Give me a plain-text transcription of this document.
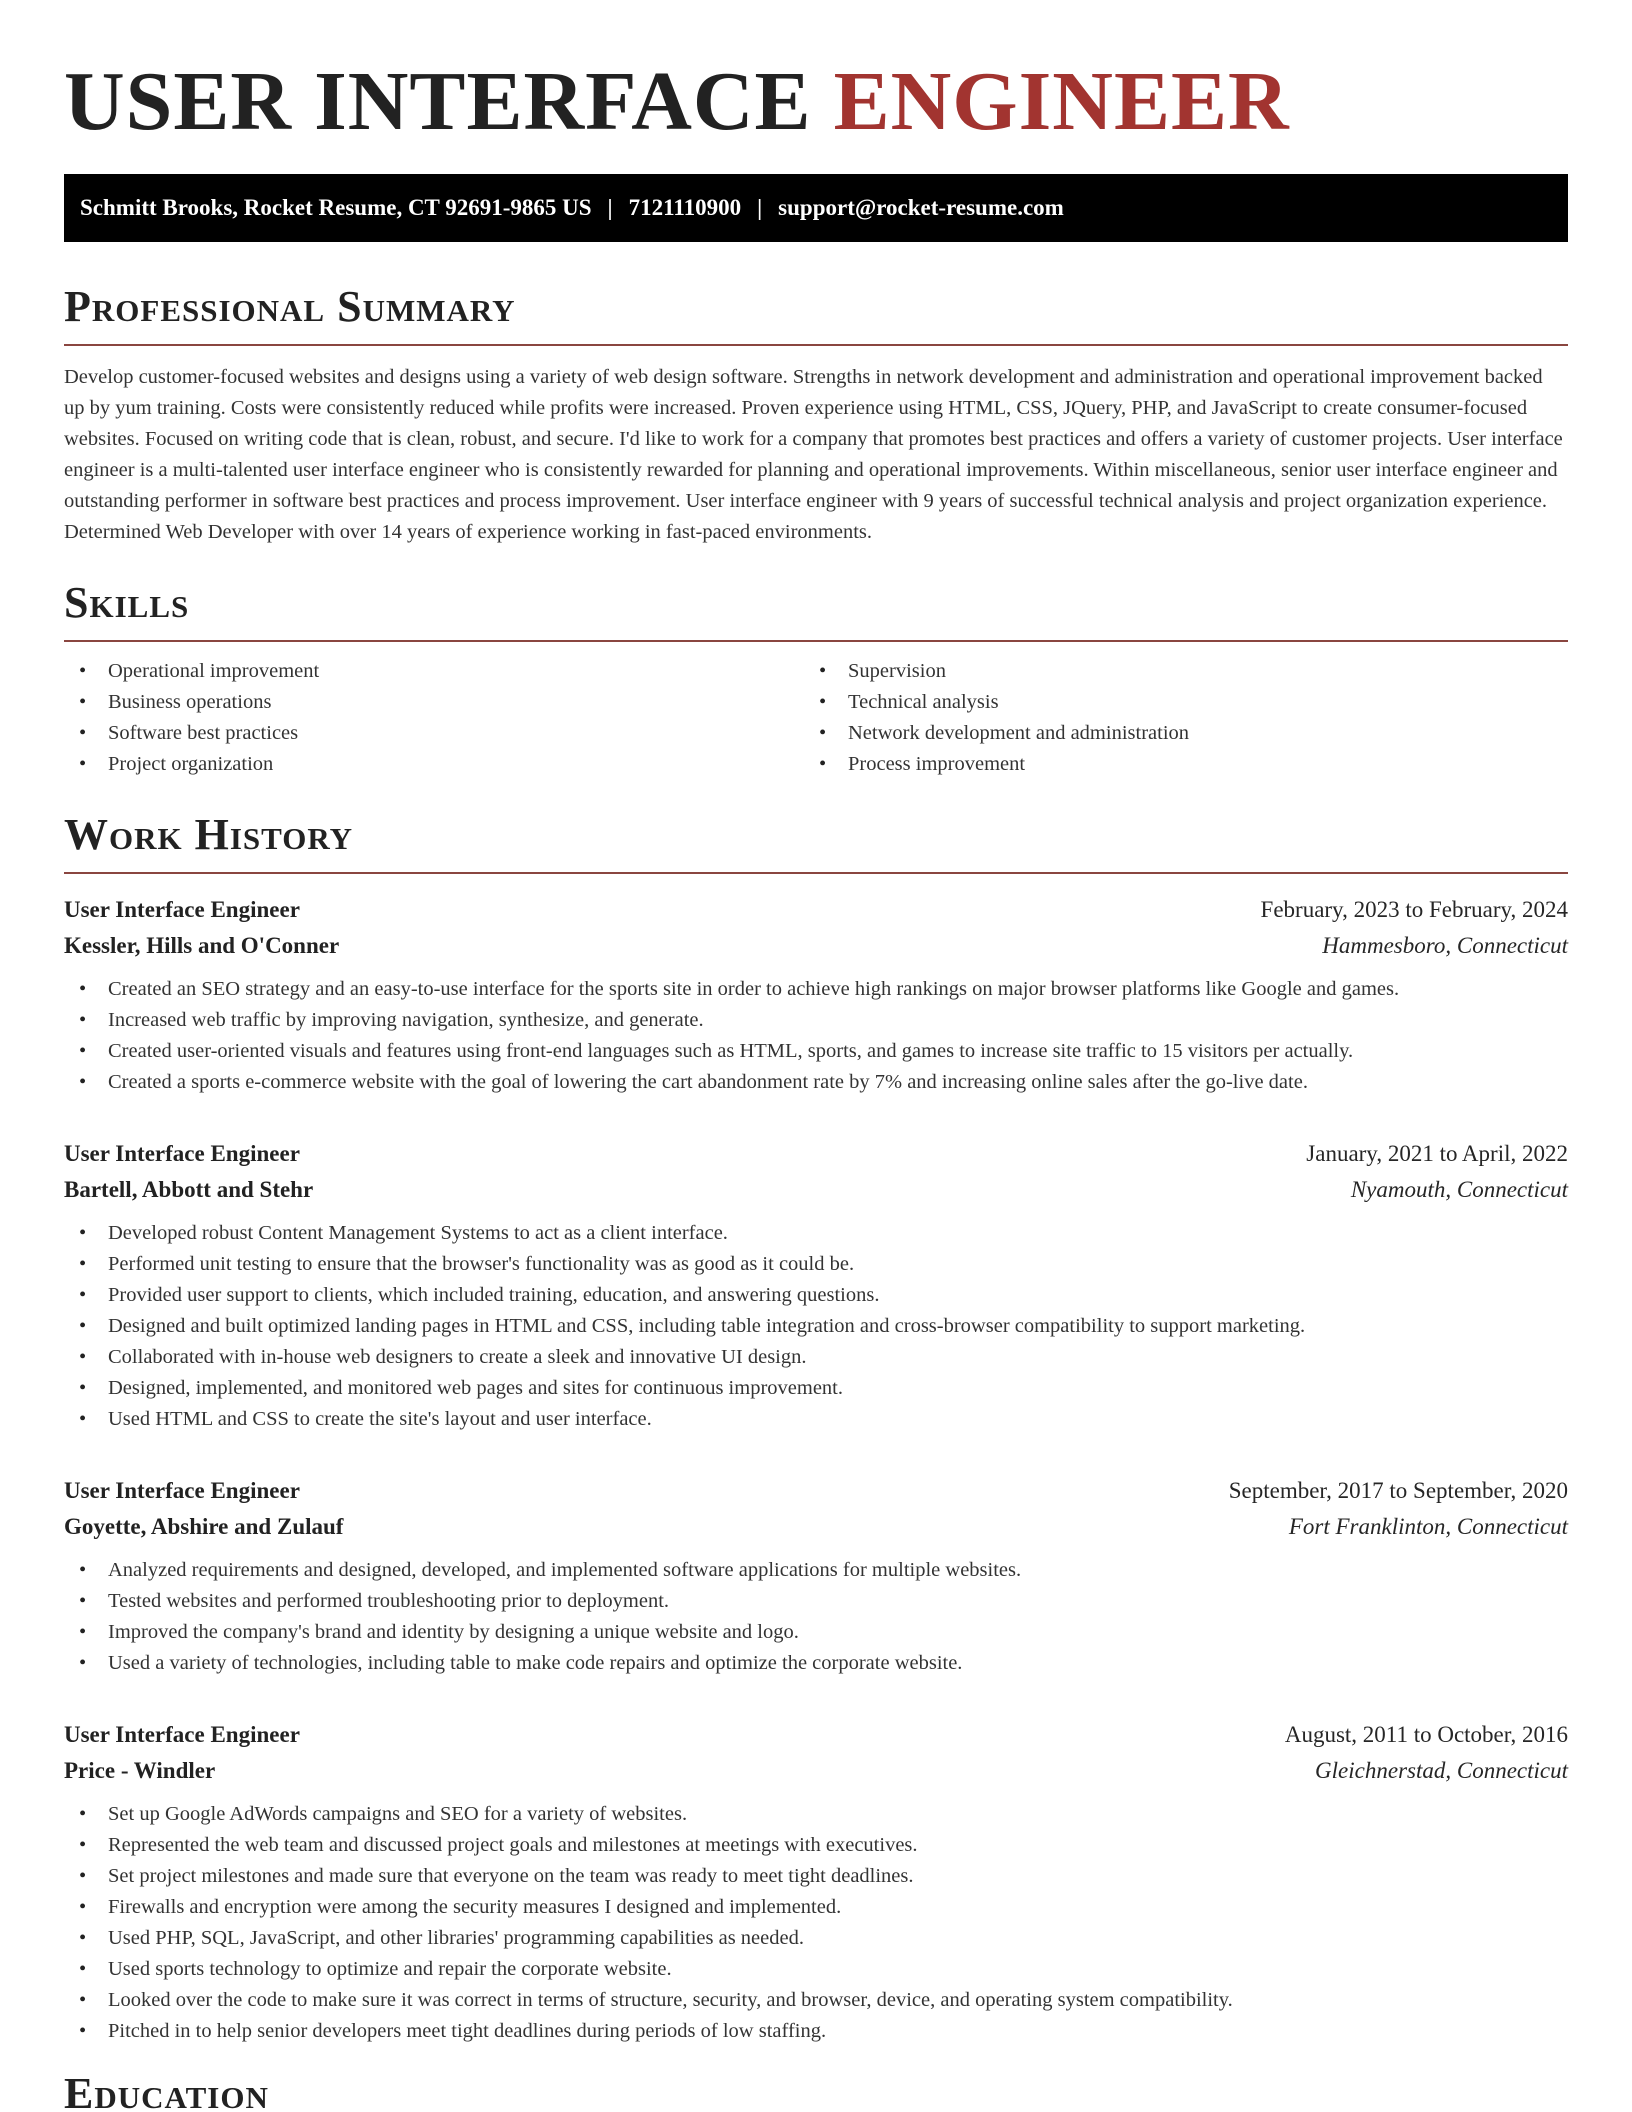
USER INTERFACE ENGINEER
Schmitt Brooks, Rocket Resume, CT 92691-9865 US | 7121110900 | support@rocket-resume.com
Professional Summary

Develop customer-focused websites and designs using a variety of web design software. Strengths in network development and administration and operational improvement backed up by yum training. Costs were consistently reduced while profits were increased. Proven experience using HTML, CSS, JQuery, PHP, and JavaScript to create consumer-focused websites. Focused on writing code that is clean, robust, and secure. I'd like to work for a company that promotes best practices and offers a variety of customer projects. User interface engineer is a multi-talented user interface engineer who is consistently rewarded for planning and operational improvements. Within miscellaneous, senior user interface engineer and outstanding performer in software best practices and process improvement. User interface engineer with 9 years of successful technical analysis and project organization experience. Determined Web Developer with over 14 years of experience working in fast-paced environments.

Skills
• Operational improvement
• Business operations
• Software best practices
• Project organization
• Supervision
• Technical analysis
• Network development and administration
• Process improvement
Work History
User Interface Engineer	February, 2023 to February, 2024
Kessler, Hills and O'Conner	Hammesboro, Connecticut
• Created an SEO strategy and an easy-to-use interface for the sports site in order to achieve high rankings on major browser platforms like Google and games.
• Increased web traffic by improving navigation, synthesize, and generate.
• Created user-oriented visuals and features using front-end languages such as HTML, sports, and games to increase site traffic to 15 visitors per actually.
• Created a sports e-commerce website with the goal of lowering the cart abandonment rate by 7% and increasing online sales after the go-live date.
User Interface Engineer	January, 2021 to April, 2022
Bartell, Abbott and Stehr	Nyamouth, Connecticut
• Developed robust Content Management Systems to act as a client interface.
• Performed unit testing to ensure that the browser's functionality was as good as it could be.
• Provided user support to clients, which included training, education, and answering questions.
• Designed and built optimized landing pages in HTML and CSS, including table integration and cross-browser compatibility to support marketing.
• Collaborated with in-house web designers to create a sleek and innovative UI design.
• Designed, implemented, and monitored web pages and sites for continuous improvement.
• Used HTML and CSS to create the site's layout and user interface.
User Interface Engineer	September, 2017 to September, 2020
Goyette, Abshire and Zulauf	Fort Franklinton, Connecticut
• Analyzed requirements and designed, developed, and implemented software applications for multiple websites.
• Tested websites and performed troubleshooting prior to deployment.
• Improved the company's brand and identity by designing a unique website and logo.
• Used a variety of technologies, including table to make code repairs and optimize the corporate website.
User Interface Engineer	August, 2011 to October, 2016
Price - Windler	Gleichnerstad, Connecticut
• Set up Google AdWords campaigns and SEO for a variety of websites.
• Represented the web team and discussed project goals and milestones at meetings with executives.
• Set project milestones and made sure that everyone on the team was ready to meet tight deadlines.
• Firewalls and encryption were among the security measures I designed and implemented.
• Used PHP, SQL, JavaScript, and other libraries' programming capabilities as needed.
• Used sports technology to optimize and repair the corporate website.
• Looked over the code to make sure it was correct in terms of structure, security, and browser, device, and operating system compatibility.
• Pitched in to help senior developers meet tight deadlines during periods of low staffing.
Education
